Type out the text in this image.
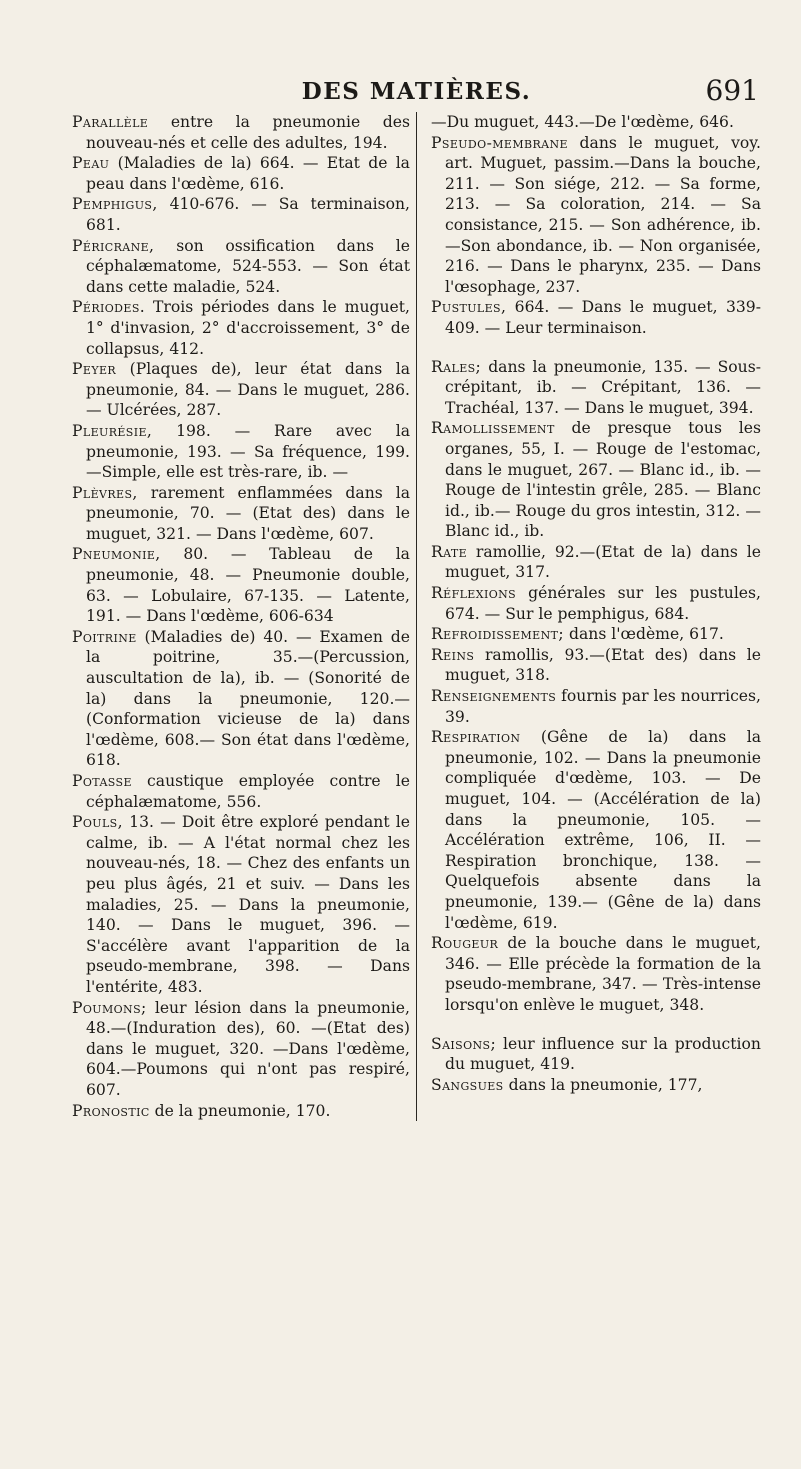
DES MATIÈRES.	691

Parallèle entre la pneumonie des nouveau-nés et celle des adultes, 194.

Peau (Maladies de la) 664. — Etat de la peau dans l'œdème, 616.

Pemphigus, 410-676. — Sa terminaison, 681.

Péricrane, son ossification dans le céphalæmatome, 524-553. — Son état dans cette maladie, 524.

Périodes. Trois périodes dans le muguet, 1° d'invasion, 2° d'accroissement, 3° de collapsus, 412.

Peyer (Plaques de), leur état dans la pneumonie, 84. — Dans le muguet, 286. — Ulcérées, 287.

Pleurésie, 198. — Rare avec la pneumonie, 193. — Sa fréquence, 199. —Simple, elle est très-rare, ib. —

Plèvres, rarement enflammées dans la pneumonie, 70. — (Etat des) dans le muguet, 321. — Dans l'œdème, 607.

Pneumonie, 80. — Tableau de la pneumonie, 48. — Pneumonie double, 63. — Lobulaire, 67-135. — Latente, 191. — Dans l'œdème, 606-634

Poitrine (Maladies de) 40. — Examen de la poitrine, 35.—(Percussion, auscultation de la), ib. — (Sonorité de la) dans la pneumonie, 120.—(Conformation vicieuse de la) dans l'œdème, 608.— Son état dans l'œdème, 618.

Potasse caustique employée contre le céphalæmatome, 556.

Pouls, 13. — Doit être exploré pendant le calme, ib. — A l'état normal chez les nouveau-nés, 18. — Chez des enfants un peu plus âgés, 21 et suiv. — Dans les maladies, 25. — Dans la pneumonie, 140. — Dans le muguet, 396. — S'accélère avant l'apparition de la pseudo-membrane, 398. — Dans l'entérite, 483.

Poumons; leur lésion dans la pneumonie, 48.—(Induration des), 60. —(Etat des) dans le muguet, 320. —Dans l'œdème, 604.—Poumons qui n'ont pas respiré, 607.

Pronostic de la pneumonie, 170.

—Du muguet, 443.—De l'œdème, 646.

Pseudo-membrane dans le muguet, voy. art. Muguet, passim.—Dans la bouche, 211. — Son siége, 212. — Sa forme, 213. — Sa coloration, 214. — Sa consistance, 215. — Son adhérence, ib. —Son abondance, ib. — Non organisée, 216. — Dans le pharynx, 235. — Dans l'œsophage, 237.

Pustules, 664. — Dans le muguet, 339-409. — Leur terminaison.

Rales; dans la pneumonie, 135. — Sous-crépitant, ib. — Crépitant, 136. — Trachéal, 137. — Dans le muguet, 394.

Ramollissement de presque tous les organes, 55, I. — Rouge de l'estomac, dans le muguet, 267. — Blanc id., ib. — Rouge de l'intestin grêle, 285. — Blanc id., ib.— Rouge du gros intestin, 312. — Blanc id., ib.

Rate ramollie, 92.—(Etat de la) dans le muguet, 317.

Réflexions générales sur les pustules, 674. — Sur le pemphigus, 684.

Refroidissement; dans l'œdème, 617.

Reins ramollis, 93.—(Etat des) dans le muguet, 318.

Renseignements fournis par les nourrices, 39.

Respiration (Gêne de la) dans la pneumonie, 102. — Dans la pneumonie compliquée d'œdème, 103. — De muguet, 104. — (Accélération de la) dans la pneumonie, 105. — Accélération extrême, 106, II. — Respiration bronchique, 138. — Quelquefois absente dans la pneumonie, 139.— (Gêne de la) dans l'œdème, 619.

Rougeur de la bouche dans le muguet, 346. — Elle précède la formation de la pseudo-membrane, 347. — Très-intense lorsqu'on enlève le muguet, 348.

Saisons; leur influence sur la production du muguet, 419.

Sangsues dans la pneumonie, 177,
